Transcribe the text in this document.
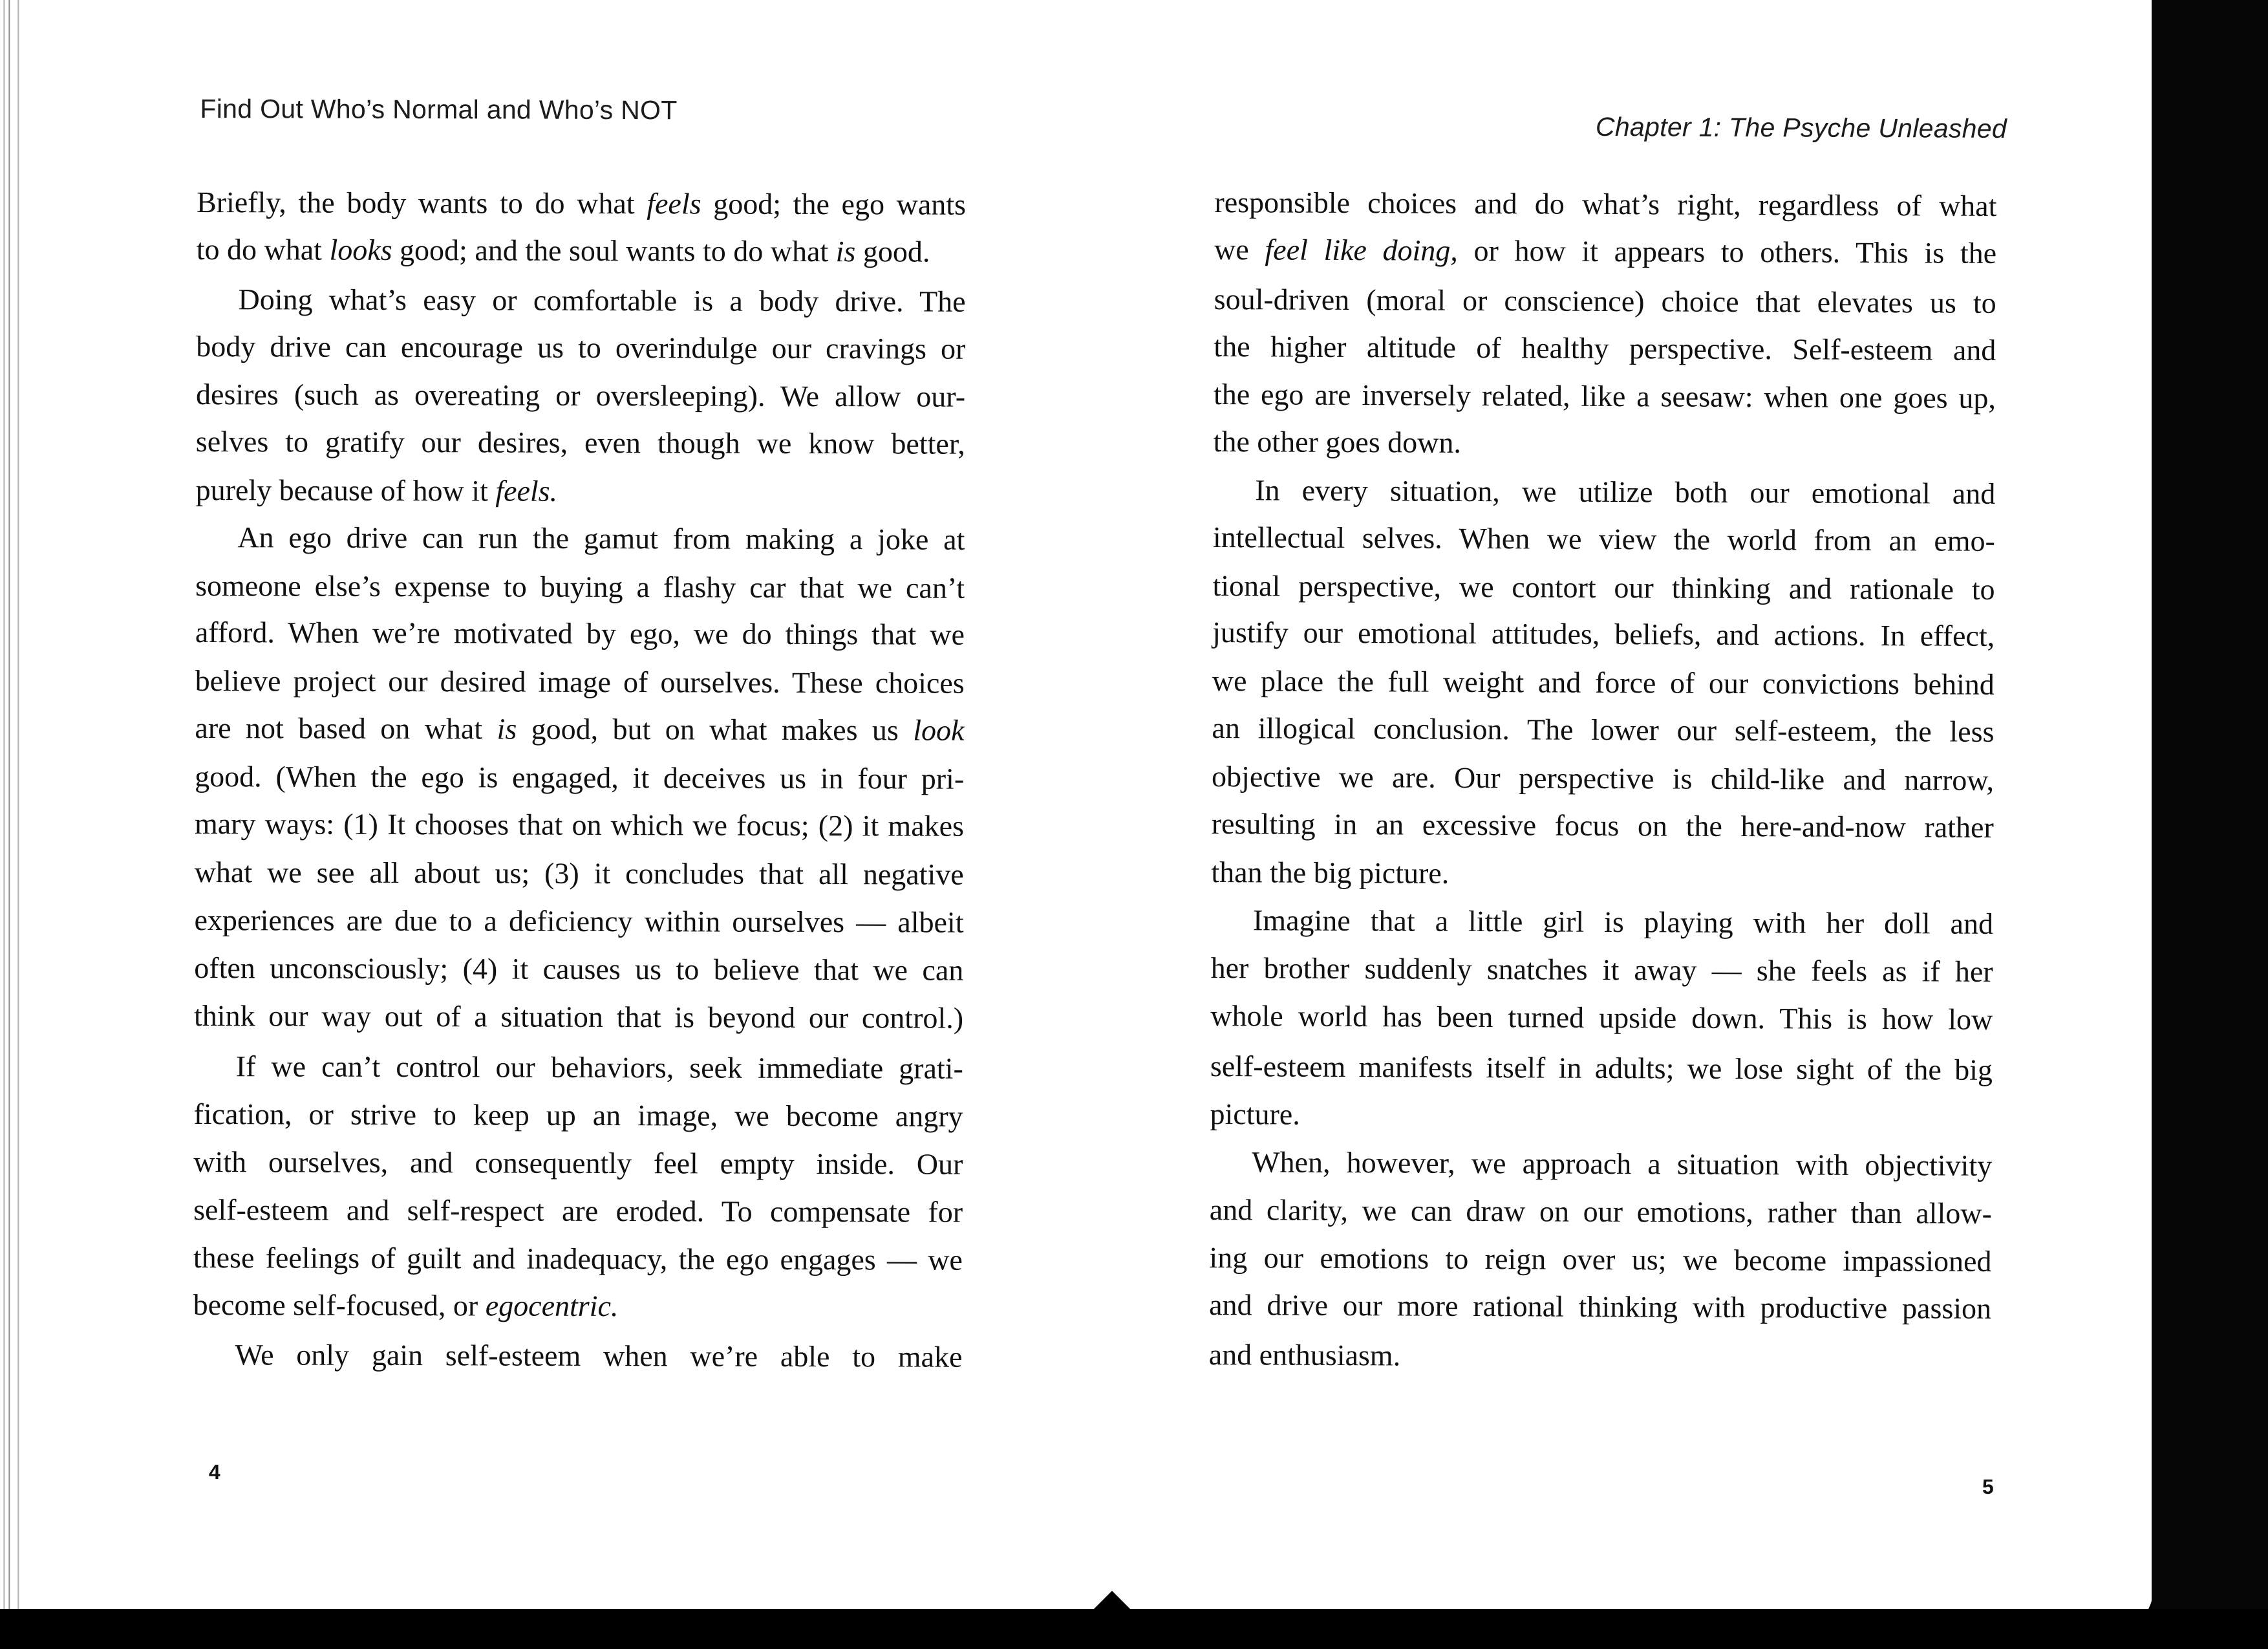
Find Out Who’s Normal and Who’s NOT
Briefly, the body wants to do what feels good; the ego wants
to do what looks good; and the soul wants to do what is good.
Doing what’s easy or comfortable is a body drive. The
body drive can encourage us to overindulge our cravings or
desires (such as overeating or oversleeping). We allow our-
selves to gratify our desires, even though we know better,
purely because of how it feels.
An ego drive can run the gamut from making a joke at
someone else’s expense to buying a flashy car that we can’t
afford. When we’re motivated by ego, we do things that we
believe project our desired image of ourselves. These choices
are not based on what is good, but on what makes us look
good. (When the ego is engaged, it deceives us in four pri-
mary ways: (1) It chooses that on which we focus; (2) it makes
what we see all about us; (3) it concludes that all negative
experiences are due to a deficiency within ourselves — albeit
often unconsciously; (4) it causes us to believe that we can
think our way out of a situation that is beyond our control.)
If we can’t control our behaviors, seek immediate grati-
fication, or strive to keep up an image, we become angry
with ourselves, and consequently feel empty inside. Our
self-esteem and self-respect are eroded. To compensate for
these feelings of guilt and inadequacy, the ego engages — we
become self-focused, or egocentric.
We only gain self-esteem when we’re able to make
4
Chapter 1: The Psyche Unleashed
responsible choices and do what’s right, regardless of what
we feel like doing, or how it appears to others. This is the
soul-driven (moral or conscience) choice that elevates us to
the higher altitude of healthy perspective. Self-esteem and
the ego are inversely related, like a seesaw: when one goes up,
the other goes down.
In every situation, we utilize both our emotional and
intellectual selves. When we view the world from an emo-
tional perspective, we contort our thinking and rationale to
justify our emotional attitudes, beliefs, and actions. In effect,
we place the full weight and force of our convictions behind
an illogical conclusion. The lower our self-esteem, the less
objective we are. Our perspective is child-like and narrow,
resulting in an excessive focus on the here-and-now rather
than the big picture.
Imagine that a little girl is playing with her doll and
her brother suddenly snatches it away — she feels as if her
whole world has been turned upside down. This is how low
self-esteem manifests itself in adults; we lose sight of the big
picture.
When, however, we approach a situation with objectivity
and clarity, we can draw on our emotions, rather than allow-
ing our emotions to reign over us; we become impassioned
and drive our more rational thinking with productive passion
and enthusiasm.
5
